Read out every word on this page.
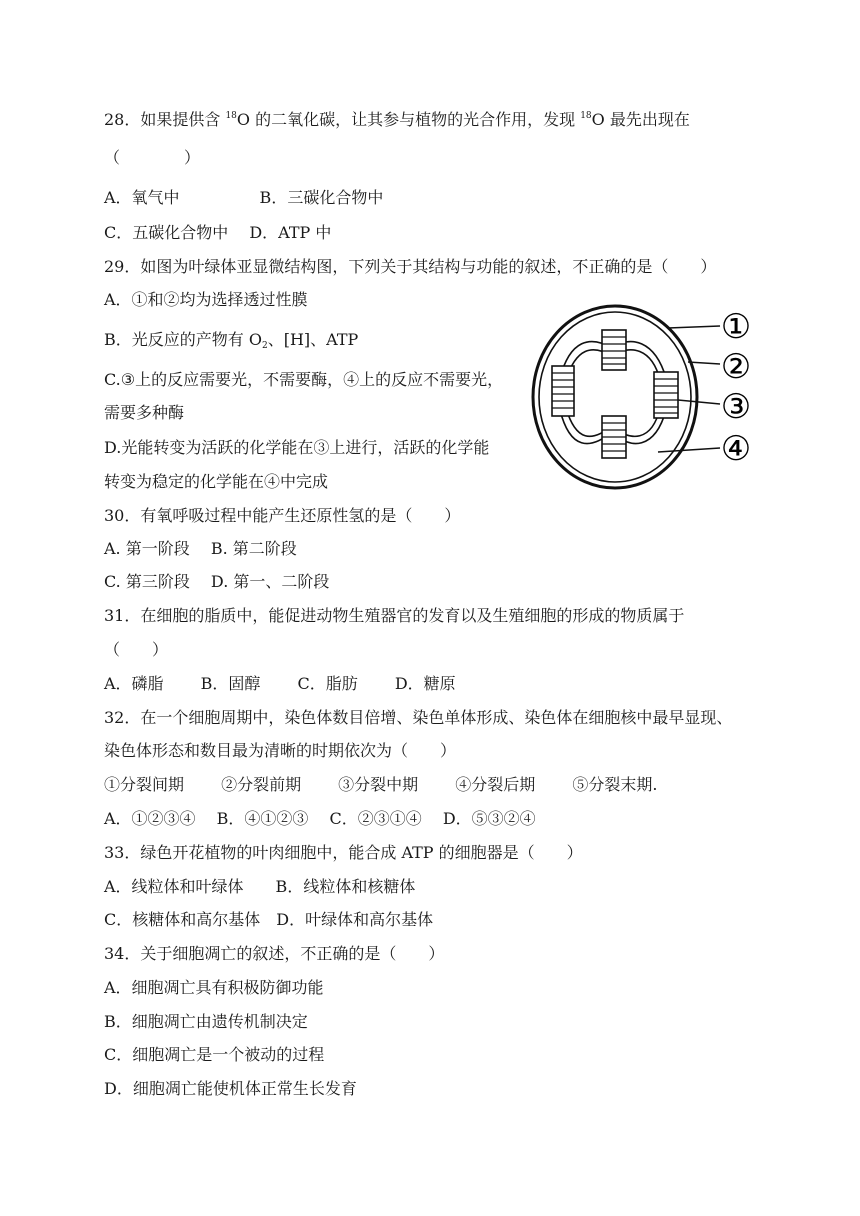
28．如果提供含 $^{18}$O 的二氧化碳，让其参与植物的光合作用，发现 $^{18}$O 最先出现在
（　　　　）
A．氧气中　　　　　B．三碳化合物中
C．五碳化合物中　 D．ATP 中
29．如图为叶绿体亚显微结构图，下列关于其结构与功能的叙述，不正确的是（　　）
A．①和②均为选择透过性膜
B．光反应的产物有 $O_2$、[H]、ATP
C.③上的反应需要光，不需要酶，④上的反应不需要光，
需要多种酶
D.光能转变为活跃的化学能在③上进行，活跃的化学能
转变为稳定的化学能在④中完成
①
②
③
④
30．有氧呼吸过程中能产生还原性氢的是（　　）
A. 第一阶段　 B. 第二阶段
C. 第三阶段　 D. 第一、二阶段
31．在细胞的脂质中，能促进动物生殖器官的发育以及生殖细胞的形成的物质属于
（　　）
A．磷脂　　 B．固醇　　 C．脂肪　　 D．糖原
32．在一个细胞周期中，染色体数目倍增、染色单体形成、染色体在细胞核中最早显现、
染色体形态和数目最为清晰的时期依次为（　　）
①分裂间期　　 ②分裂前期　　 ③分裂中期　　 ④分裂后期　　 ⑤分裂末期.
A．①②③④　 B．④①②③　 C．②③①④　 D．⑤③②④
33．绿色开花植物的叶肉细胞中，能合成 ATP 的细胞器是（　　）
A．线粒体和叶绿体　　B．线粒体和核糖体
C．核糖体和高尔基体　D．叶绿体和高尔基体
34．关于细胞凋亡的叙述，不正确的是（　　）
A．细胞凋亡具有积极防御功能
B．细胞凋亡由遗传机制决定
C．细胞凋亡是一个被动的过程
D．细胞凋亡能使机体正常生长发育
